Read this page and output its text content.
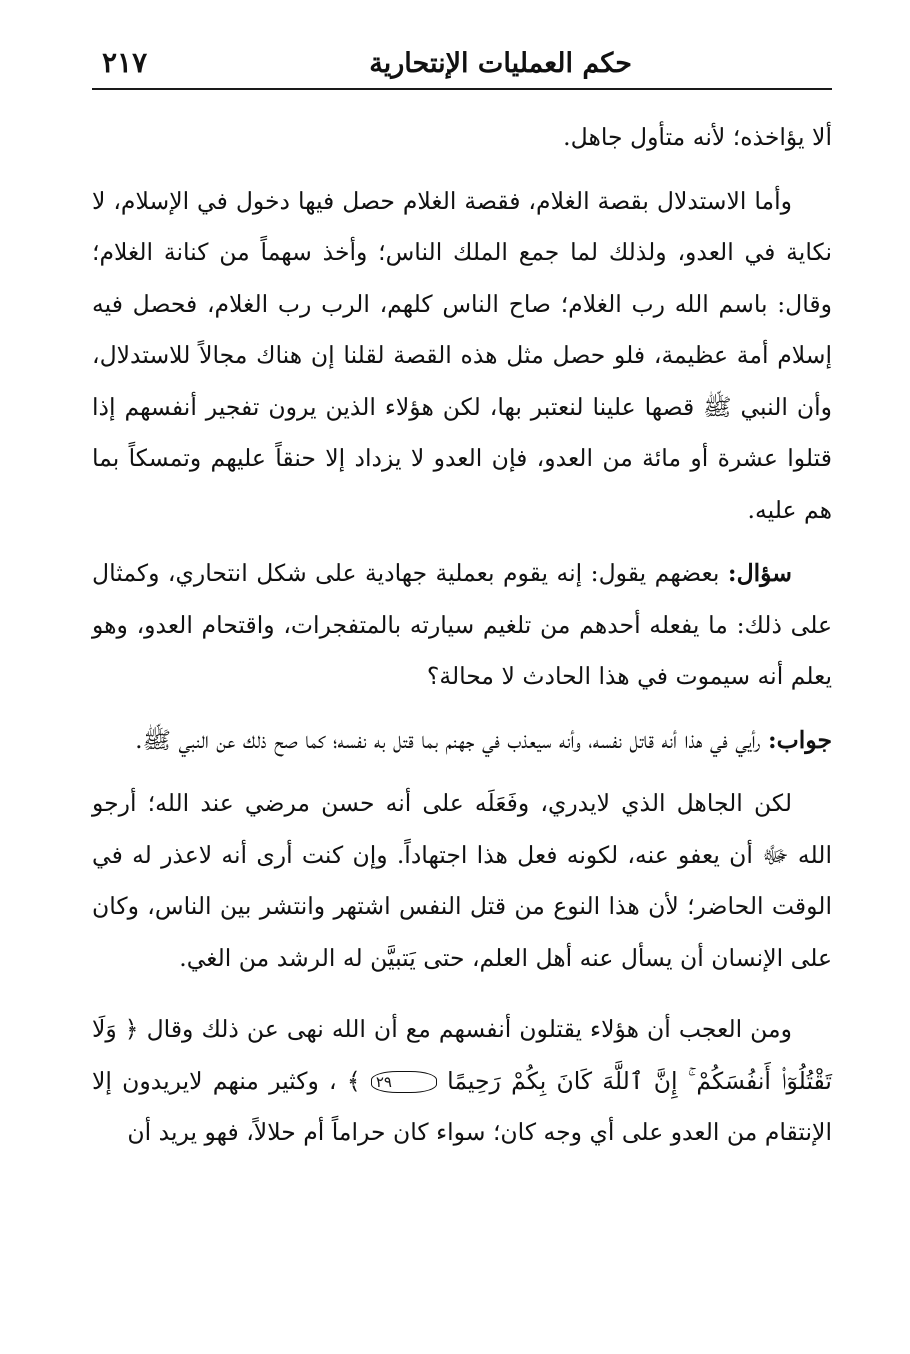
حكم العمليات الإنتحارية
٢١٧

ألا يؤاخذه؛ لأنه متأول جاهل.

وأما الاستدلال بقصة الغلام، فقصة الغلام حصل فيها دخول في الإسلام، لا نكاية في العدو، ولذلك لما جمع الملك الناس؛ وأخذ سهماً من كنانة الغلام؛ وقال: باسم الله رب الغلام؛ صاح الناس كلهم، الرب رب الغلام، فحصل فيه إسلام أمة عظيمة، فلو حصل مثل هذه القصة لقلنا إن هناك مجالاً للاستدلال، وأن النبي ﷺ قصها علينا لنعتبر بها، لكن هؤلاء الذين يرون تفجير أنفسهم إذا قتلوا عشرة أو مائة من العدو، فإن العدو لا يزداد إلا حنقاً عليهم وتمسكاً بما هم عليه.

سؤال: بعضهم يقول: إنه يقوم بعملية جهادية على شكل انتحاري، وكمثال على ذلك: ما يفعله أحدهم من تلغيم سيارته بالمتفجرات، واقتحام العدو، وهو يعلم أنه سيموت في هذا الحادث لا محالة؟

جواب: رأيي في هذا أنه قاتل نفسه، وأنه سيعذب في جهنم بما قتل به نفسه؛ كما صح ذلك عن النبي ﷺ.

لكن الجاهل الذي لايدري، وفَعَلَه على أنه حسن مرضي عند الله؛ أرجو الله ﷻ أن يعفو عنه، لكونه فعل هذا اجتهاداً. وإن كنت أرى أنه لاعذر له في الوقت الحاضر؛ لأن هذا النوع من قتل النفس اشتهر وانتشر بين الناس، وكان على الإنسان أن يسأل عنه أهل العلم، حتى يَتبيَّن له الرشد من الغي.

ومن العجب أن هؤلاء يقتلون أنفسهم مع أن الله نهى عن ذلك وقال ﴿ وَلَا تَقْتُلُوٓا۟ أَنفُسَكُمْ ۚ إِنَّ ٱللَّهَ كَانَ بِكُمْ رَحِيمًا ٢٩ ﴾ ، وكثير منهم لايريدون إلا الإنتقام من العدو على أي وجه كان؛ سواء كان حراماً أم حلالاً، فهو يريد أن
